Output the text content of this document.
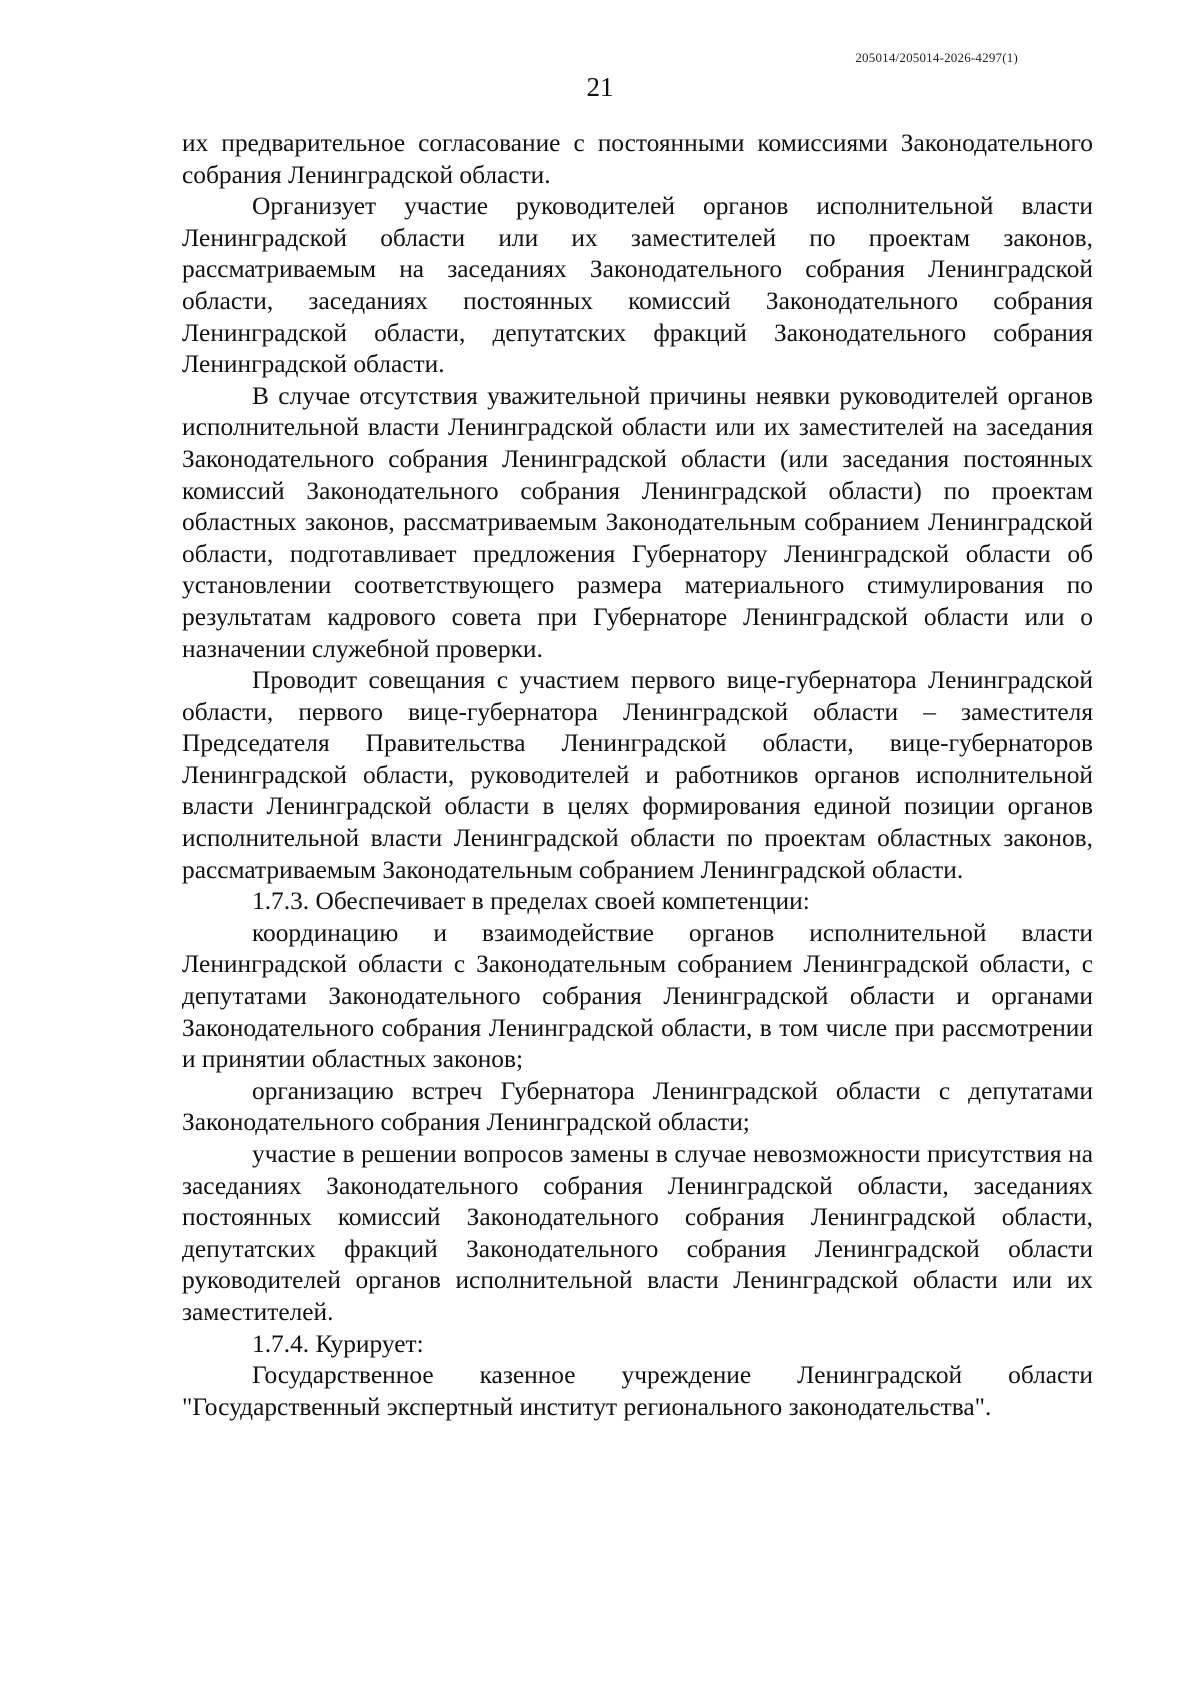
205014/205014-2026-4297(1)
21

их предварительное согласование с постоянными комиссиями Законодательного собрания Ленинградской области.

Организует участие руководителей органов исполнительной власти Ленинградской области или их заместителей по проектам законов, рассматриваемым на заседаниях Законодательного собрания Ленинградской области, заседаниях постоянных комиссий Законодательного собрания Ленинградской области, депутатских фракций Законодательного собрания Ленинградской области.

В случае отсутствия уважительной причины неявки руководителей органов исполнительной власти Ленинградской области или их заместителей на заседания Законодательного собрания Ленинградской области (или заседания постоянных комиссий Законодательного собрания Ленинградской области) по проектам областных законов, рассматриваемым Законодательным собранием Ленинградской области, подготавливает предложения Губернатору Ленинградской области об установлении соответствующего размера материального стимулирования по результатам кадрового совета при Губернаторе Ленинградской области или о назначении служебной проверки.

Проводит совещания с участием первого вице-губернатора Ленинградской области, первого вице-губернатора Ленинградской области – заместителя Председателя Правительства Ленинградской области, вице-губернаторов Ленинградской области, руководителей и работников органов исполнительной власти Ленинградской области в целях формирования единой позиции органов исполнительной власти Ленинградской области по проектам областных законов, рассматриваемым Законодательным собранием Ленинградской области.

1.7.3. Обеспечивает в пределах своей компетенции:

координацию и взаимодействие органов исполнительной власти Ленинградской области с Законодательным собранием Ленинградской области, с депутатами Законодательного собрания Ленинградской области и органами Законодательного собрания Ленинградской области, в том числе при рассмотрении и принятии областных законов;

организацию встреч Губернатора Ленинградской области с депутатами Законодательного собрания Ленинградской области;

участие в решении вопросов замены в случае невозможности присутствия на заседаниях Законодательного собрания Ленинградской области, заседаниях постоянных комиссий Законодательного собрания Ленинградской области, депутатских фракций Законодательного собрания Ленинградской области руководителей органов исполнительной власти Ленинградской области или их заместителей.

1.7.4. Курирует:

Государственное казенное учреждение Ленинградской области "Государственный экспертный институт регионального законодательства".
